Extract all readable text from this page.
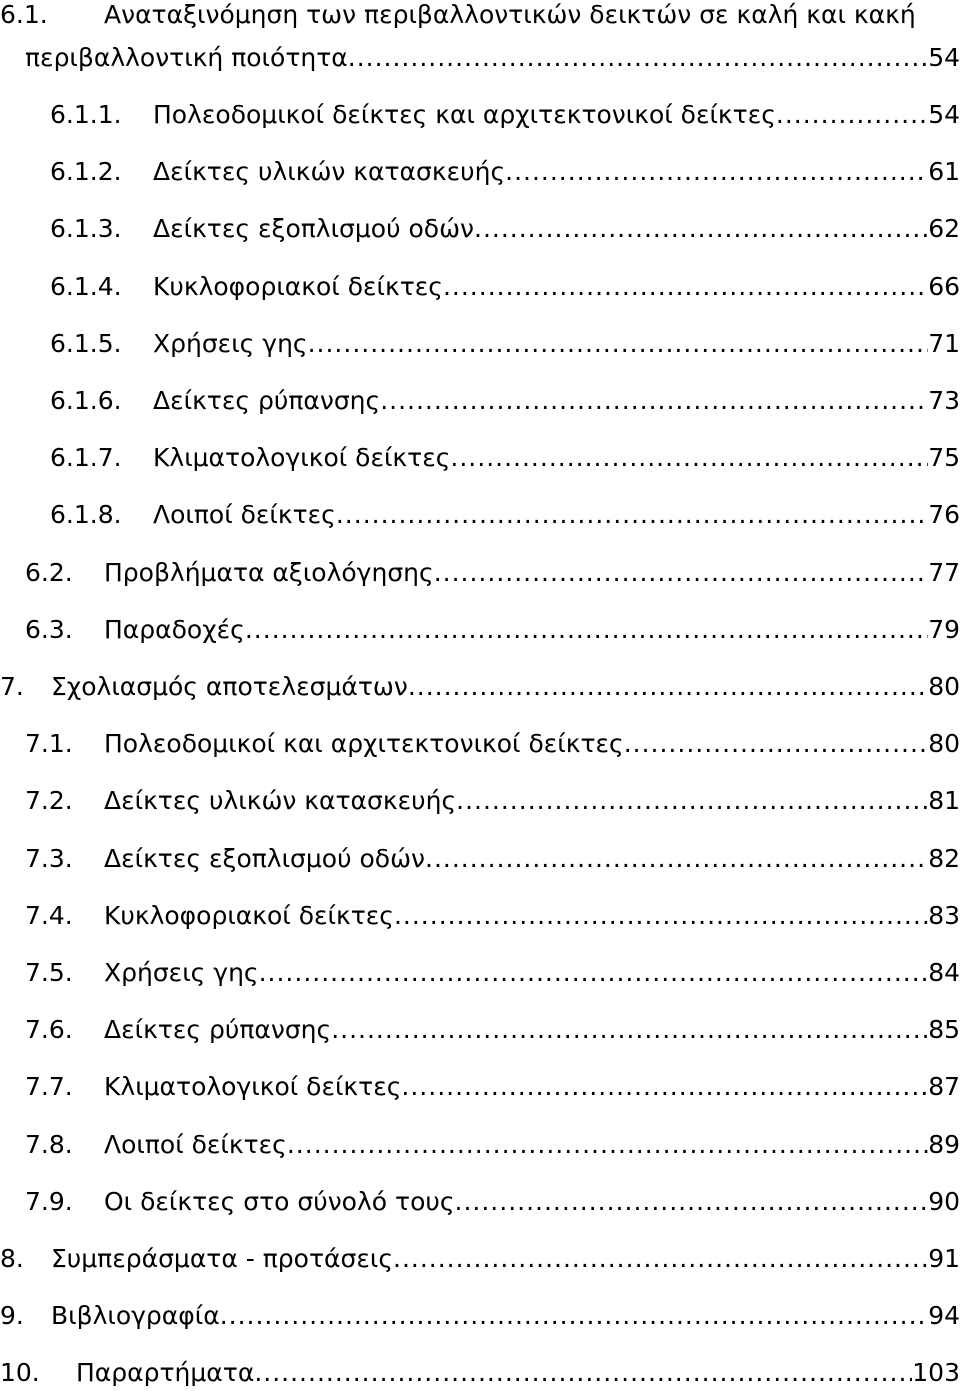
6.1. Αναταξινόμηση των περιβαλλοντικών δεικτών σε καλή και κακή
περιβαλλοντική ποιότητα .....	54
6.1.1. Πολεοδομικοί δείκτες και αρχιτεκτονικοί δείκτες .....	54
6.1.2. Δείκτες υλικών κατασκευής .....	61
6.1.3. Δείκτες εξοπλισμού οδών .....	62
6.1.4. Κυκλοφοριακοί δείκτες .....	66
6.1.5. Χρήσεις γης .....	71
6.1.6. Δείκτες ρύπανσης .....	73
6.1.7. Κλιματολογικοί δείκτες .....	75
6.1.8. Λοιποί δείκτες .....	76
6.2. Προβλήματα αξιολόγησης .....	77
6.3. Παραδοχές .....	79
7. Σχολιασμός αποτελεσμάτων .....	80
7.1. Πολεοδομικοί και αρχιτεκτονικοί δείκτες .....	80
7.2. Δείκτες υλικών κατασκευής .....	81
7.3. Δείκτες εξοπλισμού οδών .....	82
7.4. Κυκλοφοριακοί δείκτες .....	83
7.5. Χρήσεις γης .....	84
7.6. Δείκτες ρύπανσης .....	85
7.7. Κλιματολογικοί δείκτες .....	87
7.8. Λοιποί δείκτες .....	89
7.9. Οι δείκτες στο σύνολό τους .....	90
8. Συμπεράσματα - προτάσεις .....	91
9. Βιβλιογραφία .....	94
10. Παραρτήματα .....	103
